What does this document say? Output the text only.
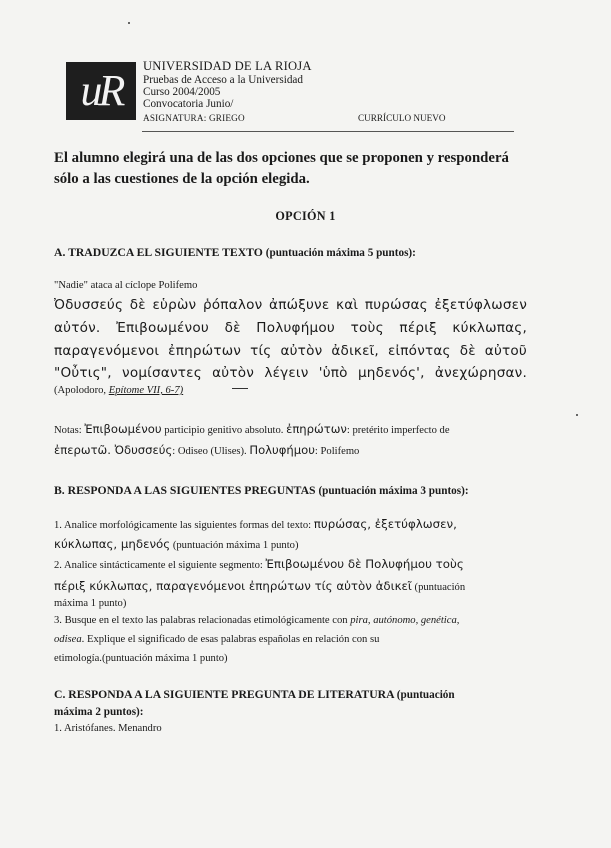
uR	UNIVERSIDAD DE LA RIOJA
Pruebas de Acceso a la Universidad
Curso 2004/2005
Convocatoria Junio/
ASIGNATURA: GRIEGO	CURRÍCULO NUEVO
El alumno elegirá una de las dos opciones que se proponen y responderá
sólo a las cuestiones de la opción elegida.
OPCIÓN 1
A. TRADUZCA EL SIGUIENTE TEXTO (puntuación máxima 5 puntos):
"Nadie" ataca al cíclope Polifemo
Ὀδυσσεύς δὲ εὑρὼν ῥόπαλον ἀπώξυνε καὶ πυρώσας ἐξετύφλωσεν
αὐτόν. Ἐπιβοωμένου δὲ Πολυφήμου τοὺς πέριξ κύκλωπας,
παραγενόμενοι ἐπηρώτων τίς αὐτὸν ἀδικεῖ, εἰπόντας δὲ αὐτοῦ
"Οὖτις", νομίσαντες αὐτὸν λέγειν 'ὑπὸ μηδενός', ἀνεχώρησαν.
(Apolodoro, Epítome VII, 6-7)
Notas: Ἐπιβοωμένου participio genitivo absoluto. ἐπηρώτων: pretérito imperfecto de
ἐπερωτῶ. Ὀδυσσεύς: Odiseo (Ulises). Πολυφήμου: Polifemo
B. RESPONDA A LAS SIGUIENTES PREGUNTAS (puntuación máxima 3 puntos):
1. Analice morfológicamente las siguientes formas del texto: πυρώσας, ἐξετύφλωσεν,
κύκλωπας, μηδενός (puntuación máxima 1 punto)
2. Analice sintácticamente el siguiente segmento: Ἐπιβοωμένου δὲ Πολυφήμου τοὺς
πέριξ κύκλωπας, παραγενόμενοι ἐπηρώτων τίς αὐτὸν ἀδικεῖ (puntuación
máxima 1 punto)
3. Busque en el texto las palabras relacionadas etimológicamente con pira, autónomo, genética,
odisea. Explique el significado de esas palabras españolas en relación con su
etimología.(puntuación máxima 1 punto)
C. RESPONDA A LA SIGUIENTE PREGUNTA DE LITERATURA (puntuación
máxima 2 puntos):
1. Aristófanes. Menandro
